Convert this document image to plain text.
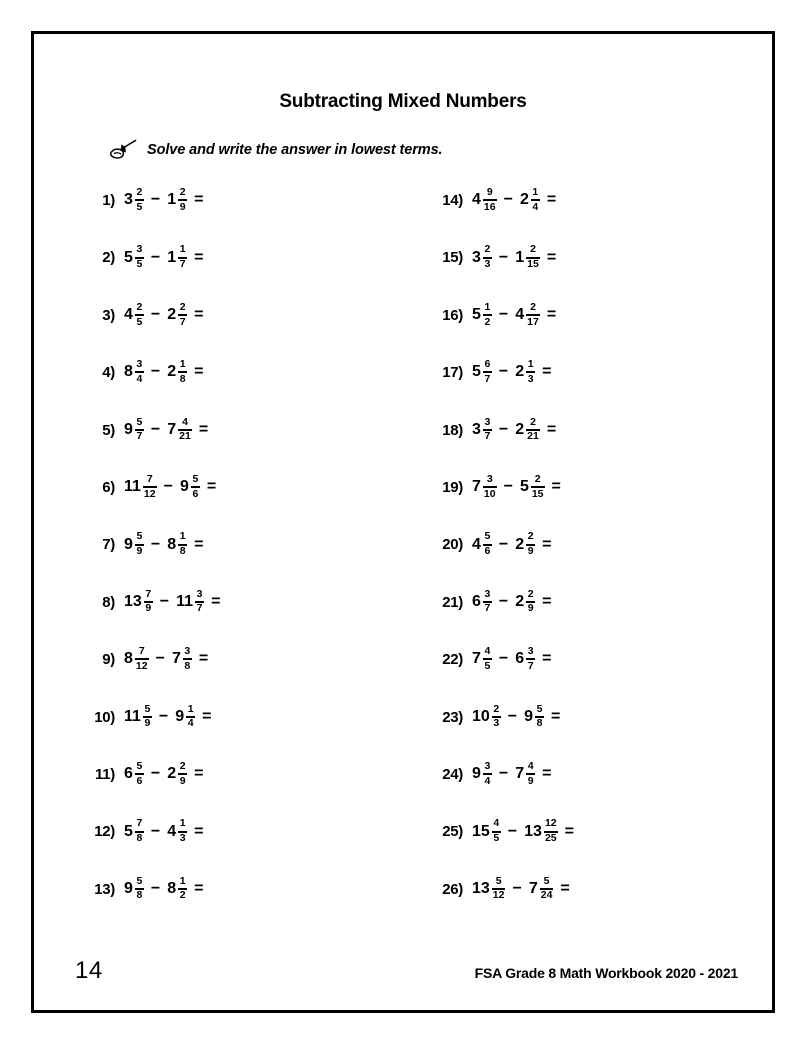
Subtracting Mixed Numbers
Solve and write the answer in lowest terms.
1) $3 \frac{2}{5} - 1 \frac{2}{9}$ =
2) $5 \frac{3}{5} - 1 \frac{1}{7}$ =
3) $4 \frac{2}{5} - 2 \frac{2}{7}$ =
4) $8 \frac{3}{4} - 2 \frac{1}{8}$ =
5) $9 \frac{5}{7} - 7 \frac{4}{21}$ =
6) $11 \frac{7}{12} - 9 \frac{5}{6}$ =
7) $9 \frac{5}{9} - 8 \frac{1}{8}$ =
8) $13 \frac{7}{9} - 11 \frac{3}{7}$ =
9) $8 \frac{7}{12} - 7 \frac{3}{8}$ =
10) $11 \frac{5}{9} - 9 \frac{1}{4}$ =
11) $6 \frac{5}{6} - 2 \frac{2}{9}$ =
12) $5 \frac{7}{8} - 4 \frac{1}{3}$ =
13) $9 \frac{5}{8} - 8 \frac{1}{2}$ =
14) $4 \frac{9}{16} - 2 \frac{1}{4}$ =
15) $3 \frac{2}{3} - 1 \frac{2}{15}$ =
16) $5 \frac{1}{2} - 4 \frac{2}{17}$ =
17) $5 \frac{6}{7} - 2 \frac{1}{3}$ =
18) $3 \frac{3}{7} - 2 \frac{2}{21}$ =
19) $7 \frac{3}{10} - 5 \frac{2}{15}$ =
20) $4 \frac{5}{6} - 2 \frac{2}{9}$ =
21) $6 \frac{3}{7} - 2 \frac{2}{9}$ =
22) $7 \frac{4}{5} - 6 \frac{3}{7}$ =
23) $10 \frac{2}{3} - 9 \frac{5}{8}$ =
24) $9 \frac{3}{4} - 7 \frac{4}{9}$ =
25) $15 \frac{4}{5} - 13 \frac{12}{25}$ =
26) $13 \frac{5}{12} - 7 \frac{5}{24}$ =
14	FSA Grade 8 Math Workbook 2020 - 2021
